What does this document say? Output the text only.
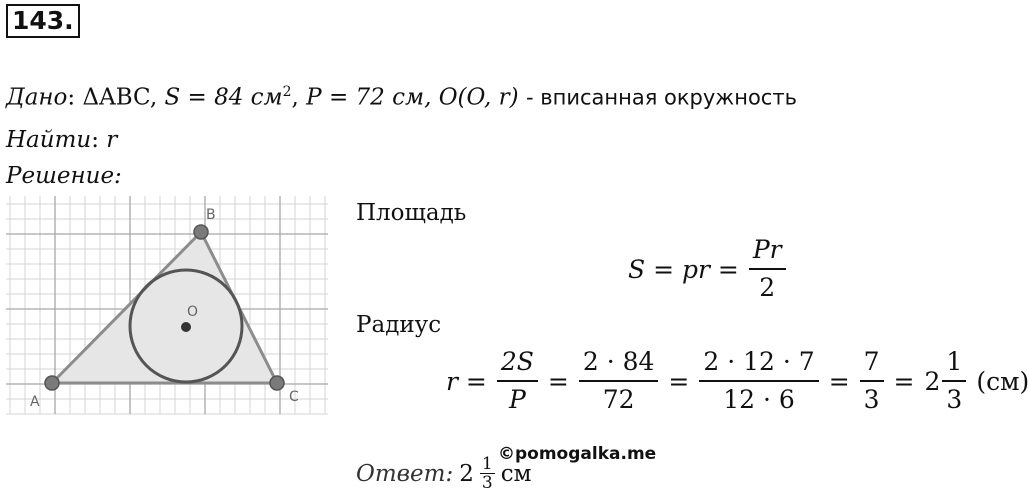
143.
Дано: ΔABC, S = 84 $см^2$, P = 72 см, O(O, r) - вписанная окружность
Найти: r
Решение:
A
B
C
O
Площадь
S = pr = $\frac{Pr}{2}$
Радиус
$r = \frac{2S}{P} = \frac{2 \cdot 84}{72} = \frac{2 \cdot 12 \cdot 7}{12 \cdot 6} = \frac{7}{3} = 2 \frac{1}{3} (см)$
©pomogalka.me
Ответ: $2 \frac{1}{3}$ см
